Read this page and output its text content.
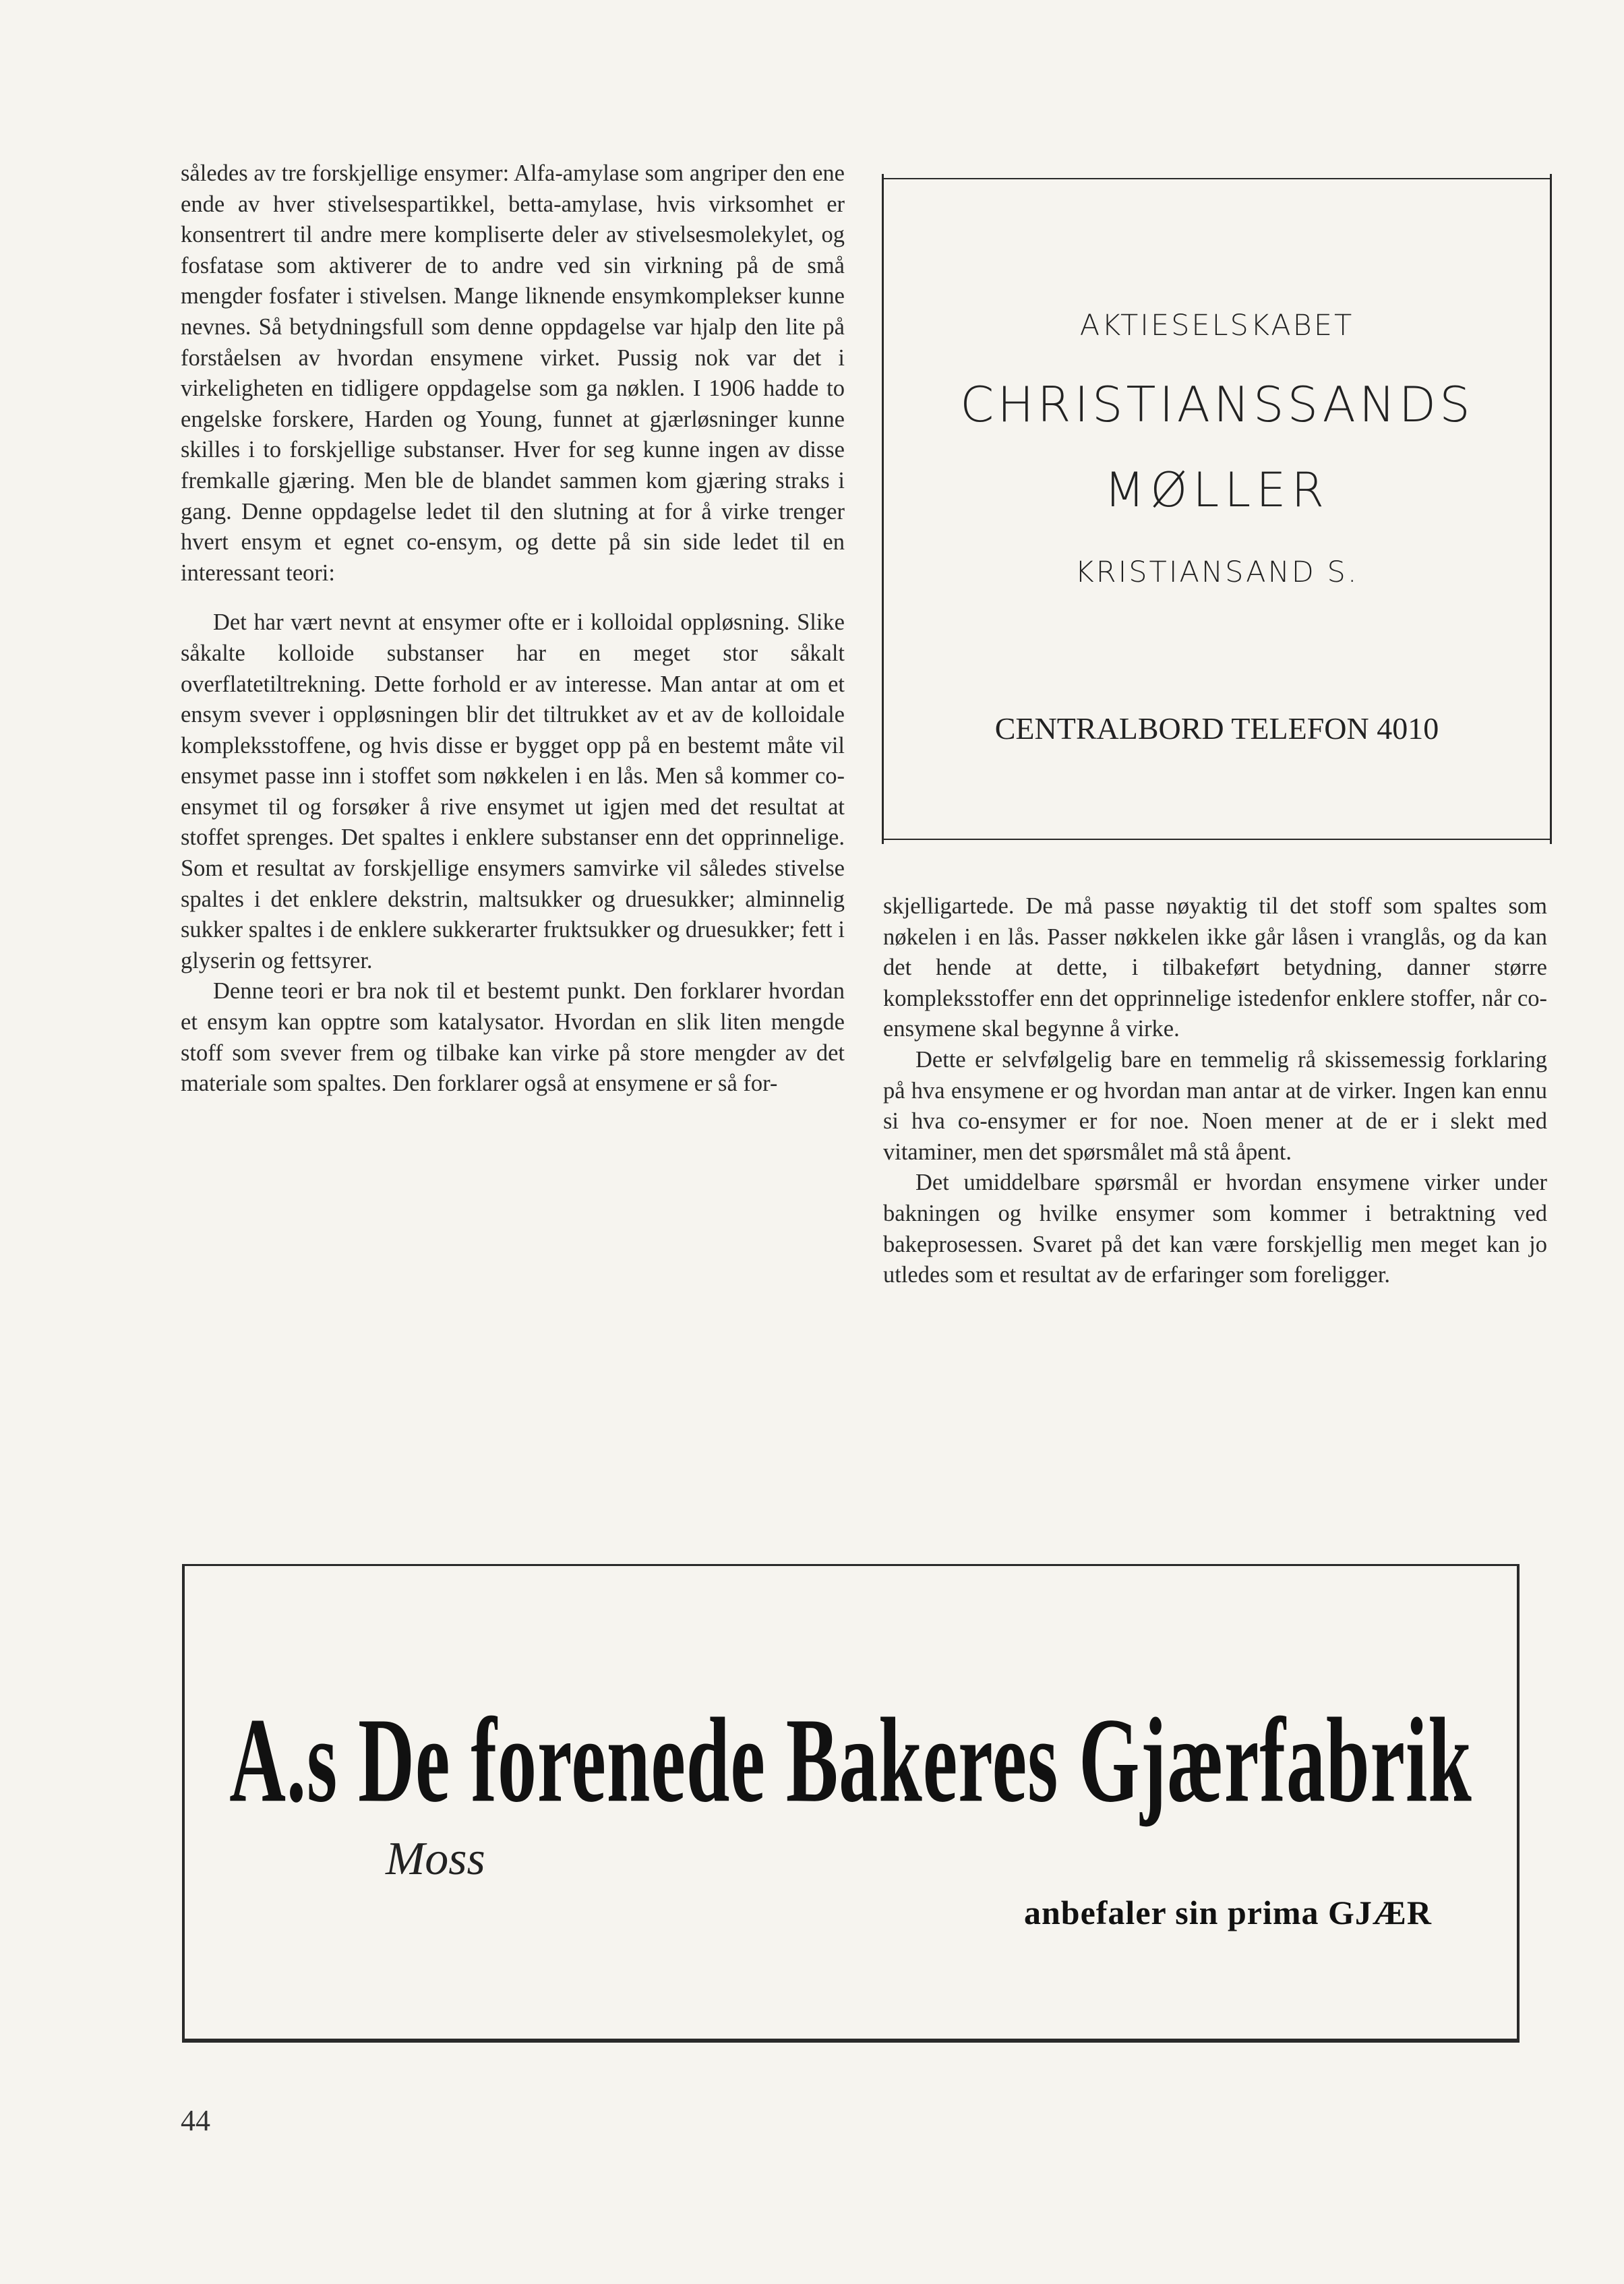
således av tre forskjellige ensymer: Alfa-amylase som angriper den ene ende av hver stivelsespartikkel, betta-amylase, hvis virksomhet er konsentrert til andre mere kompliserte deler av stivelsesmolekylet, og fosfatase som aktiverer de to andre ved sin virkning på de små mengder fosfater i stivelsen. Mange liknende ensymkomplekser kunne nevnes. Så betydningsfull som denne oppdagelse var hjalp den lite på forståelsen av hvordan ensymene virket. Pussig nok var det i virkeligheten en tidligere oppdagelse som ga nøklen. I 1906 hadde to engelske forskere, Harden og Young, funnet at gjærløsninger kunne skilles i to forskjellige substanser. Hver for seg kunne ingen av disse fremkalle gjæring. Men ble de blandet sammen kom gjæring straks i gang. Denne oppdagelse ledet til den slutning at for å virke trenger hvert ensym et egnet co-ensym, og dette på sin side ledet til en interessant teori:

Det har vært nevnt at ensymer ofte er i kolloidal oppløsning. Slike såkalte kolloide substanser har en meget stor såkalt overflatetiltrekning. Dette forhold er av interesse. Man antar at om et ensym svever i oppløsningen blir det tiltrukket av et av de kolloidale kompleksstoffene, og hvis disse er bygget opp på en bestemt måte vil ensymet passe inn i stoffet som nøkkelen i en lås. Men så kommer co-ensymet til og forsøker å rive ensymet ut igjen med det resultat at stoffet sprenges. Det spaltes i enklere substanser enn det opprinnelige. Som et resultat av forskjellige ensymers samvirke vil således stivelse spaltes i det enklere dekstrin, maltsukker og druesukker; alminnelig sukker spaltes i de enklere sukkerarter fruktsukker og druesukker; fett i glyserin og fettsyrer.

Denne teori er bra nok til et bestemt punkt. Den forklarer hvordan et ensym kan opptre som katalysator. Hvordan en slik liten mengde stoff som svever frem og tilbake kan virke på store mengder av det materiale som spaltes. Den forklarer også at ensymene er så for-

AKTIESELSKABET
CHRISTIANSSANDS
MØLLER
KRISTIANSAND S.
CENTRALBORD TELEFON 4010

skjelligartede. De må passe nøyaktig til det stoff som spaltes som nøkelen i en lås. Passer nøkkelen ikke går låsen i vranglås, og da kan det hende at dette, i tilbakeført betydning, danner større kompleksstoffer enn det opprinnelige istedenfor enklere stoffer, når co-ensymene skal begynne å virke.

Dette er selvfølgelig bare en temmelig rå skissemessig forklaring på hva ensymene er og hvordan man antar at de virker. Ingen kan ennu si hva co-ensymer er for noe. Noen mener at de er i slekt med vitaminer, men det spørsmålet må stå åpent.

Det umiddelbare spørsmål er hvordan ensymene virker under bakningen og hvilke ensymer som kommer i betraktning ved bakeprosessen. Svaret på det kan være forskjellig men meget kan jo utledes som et resultat av de erfaringer som foreligger.

A.s De forenede Bakeres Gjærfabrik
Moss
anbefaler sin prima GJÆR
44
